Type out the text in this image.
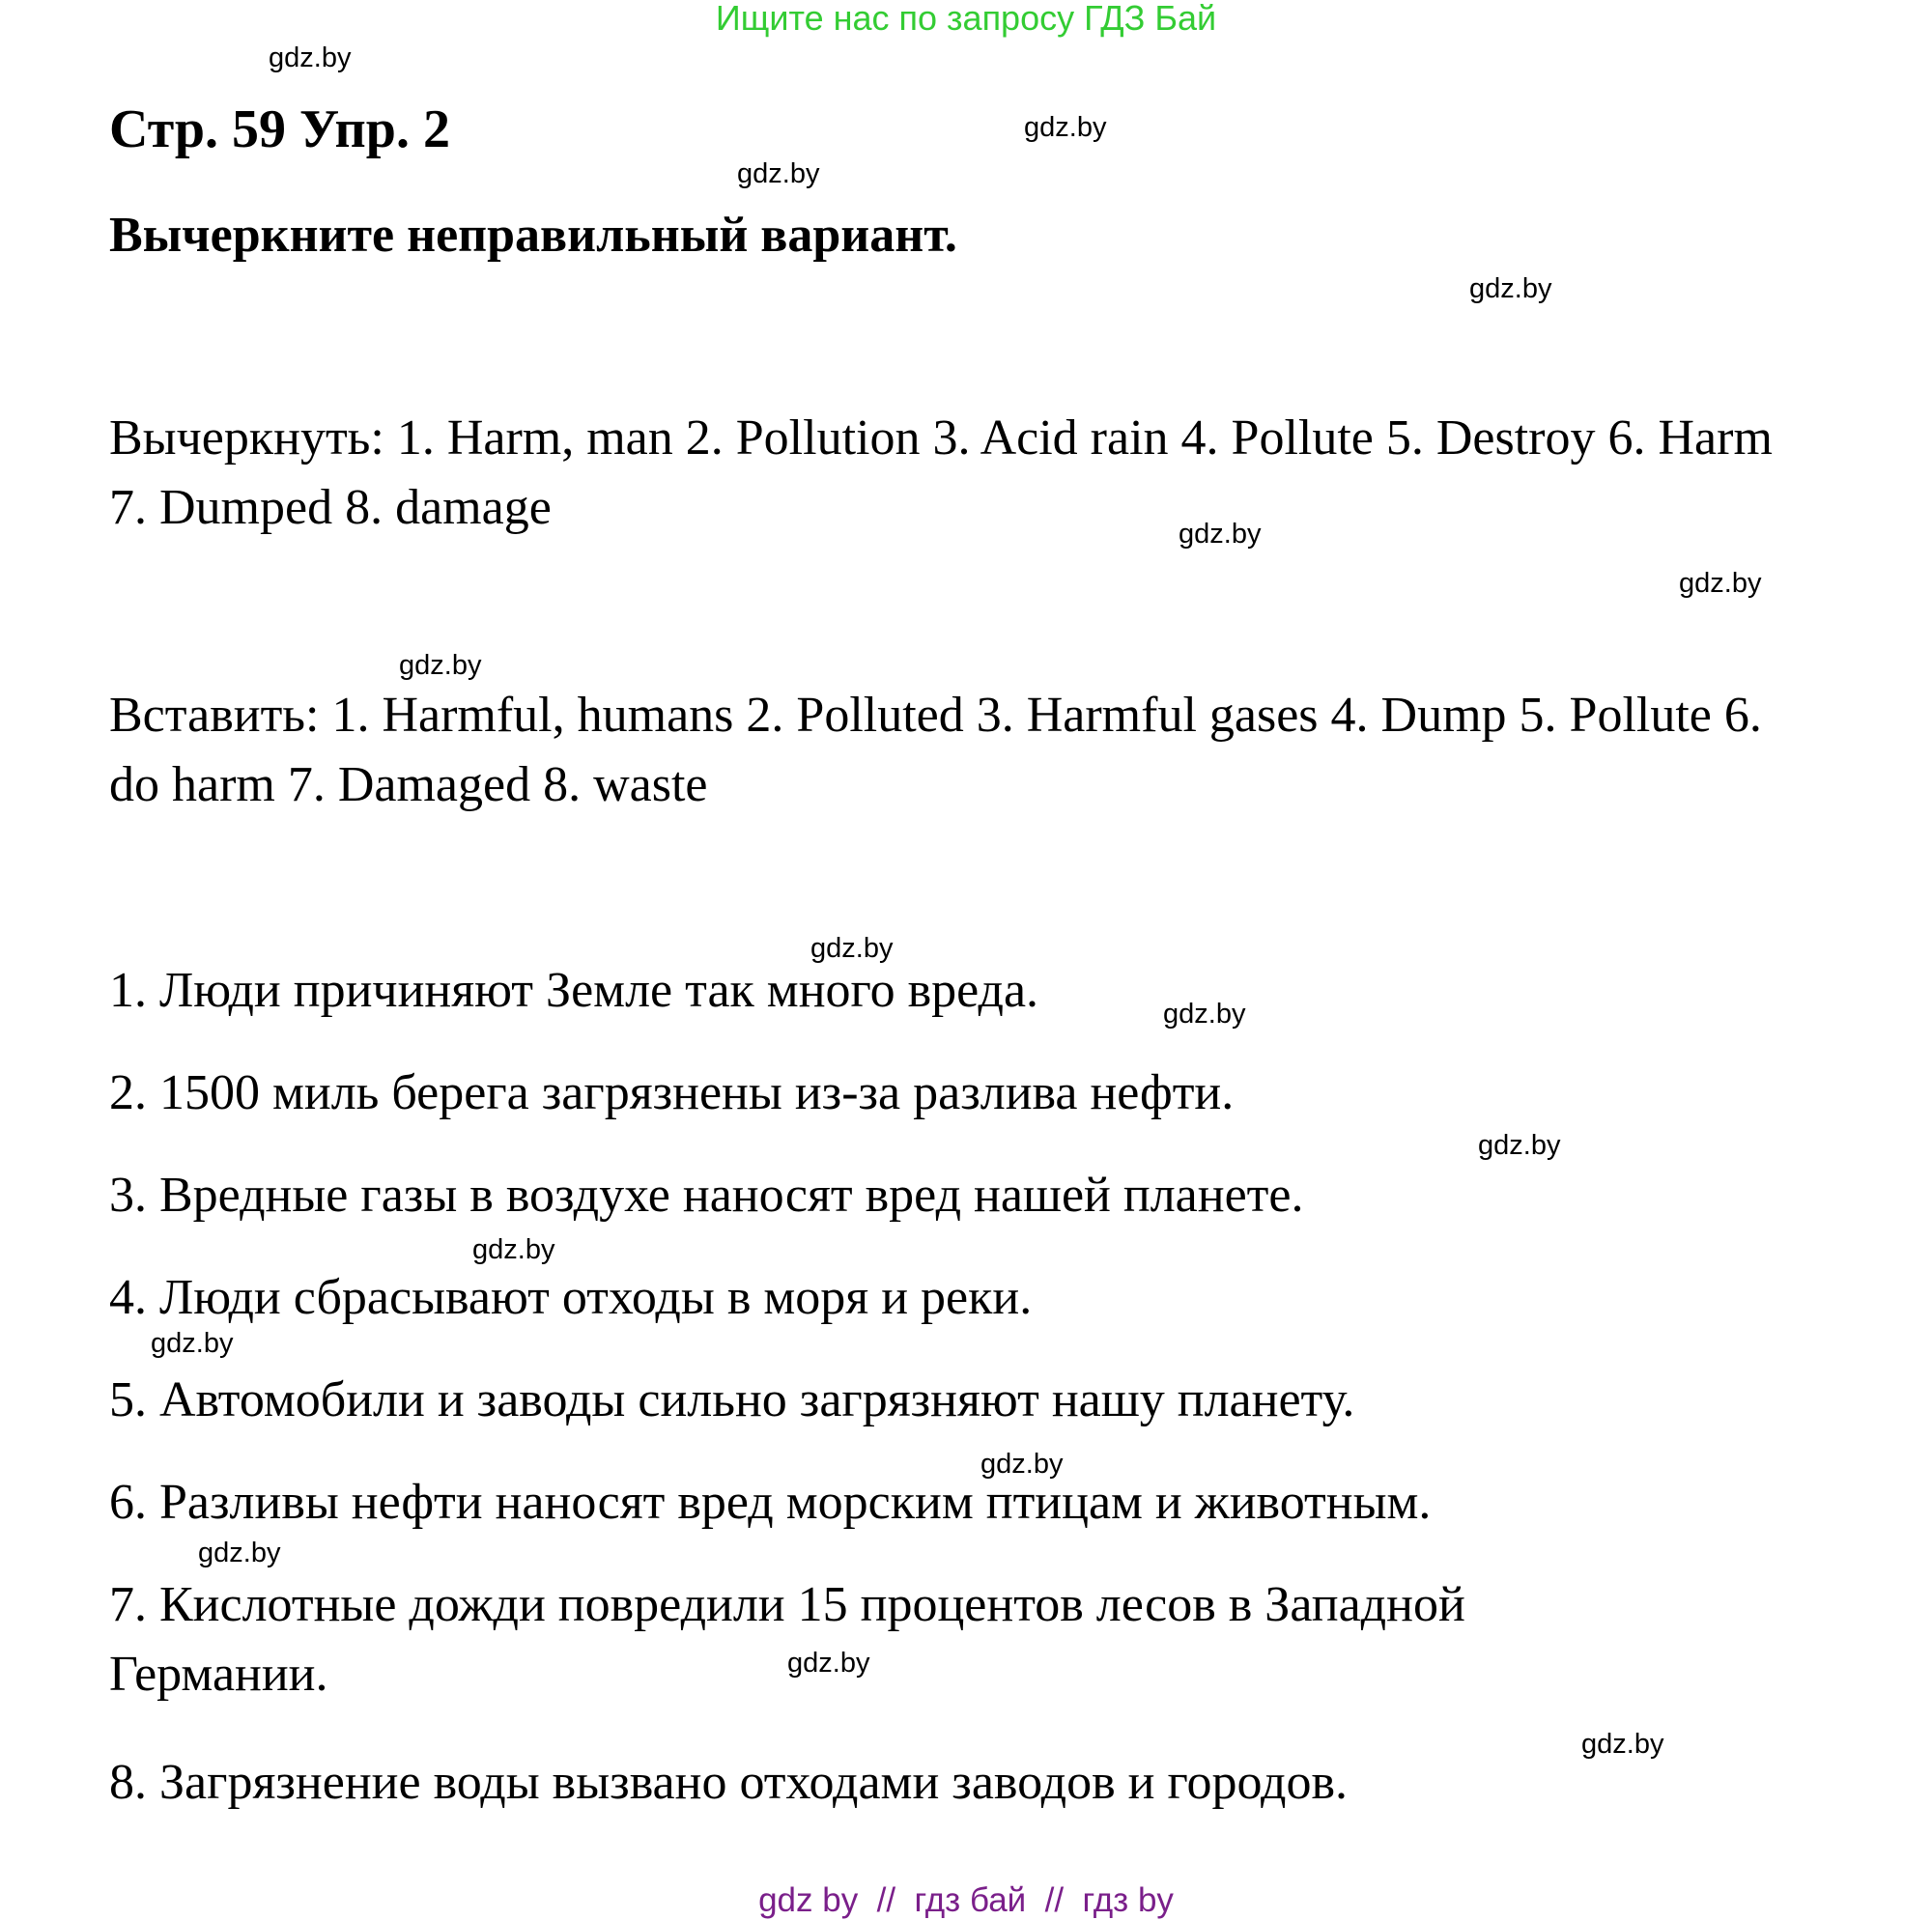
Ищите нас по запросу ГДЗ Бай
gdz.by
gdz.by
gdz.by
gdz.by
gdz.by
gdz.by
gdz.by
gdz.by
gdz.by
gdz.by
gdz.by
gdz.by
gdz.by
gdz.by
gdz.by
gdz.by
Стр. 59 Упр. 2
Вычеркните неправильный вариант.
Вычеркнуть: 1. Harm, man 2. Pollution 3. Acid rain 4. Pollute 5. Destroy 6. Harm 7. Dumped 8. damage
Вставить: 1. Harmful, humans 2. Polluted 3. Harmful gases 4. Dump 5. Pollute 6. do harm 7. Damaged 8. waste
1. Люди причиняют Земле так много вреда.
2. 1500 миль берега загрязнены из-за разлива нефти.
3. Вредные газы в воздухе наносят вред нашей планете.
4. Люди сбрасывают отходы в моря и реки.
5. Автомобили и заводы сильно загрязняют нашу планету.
6. Разливы нефти наносят вред морским птицам и животным.
7. Кислотные дожди повредили 15 процентов лесов в Западной Германии.
8. Загрязнение воды вызвано отходами заводов и городов.
gdz by  //  гдз бай  //  гдз by
